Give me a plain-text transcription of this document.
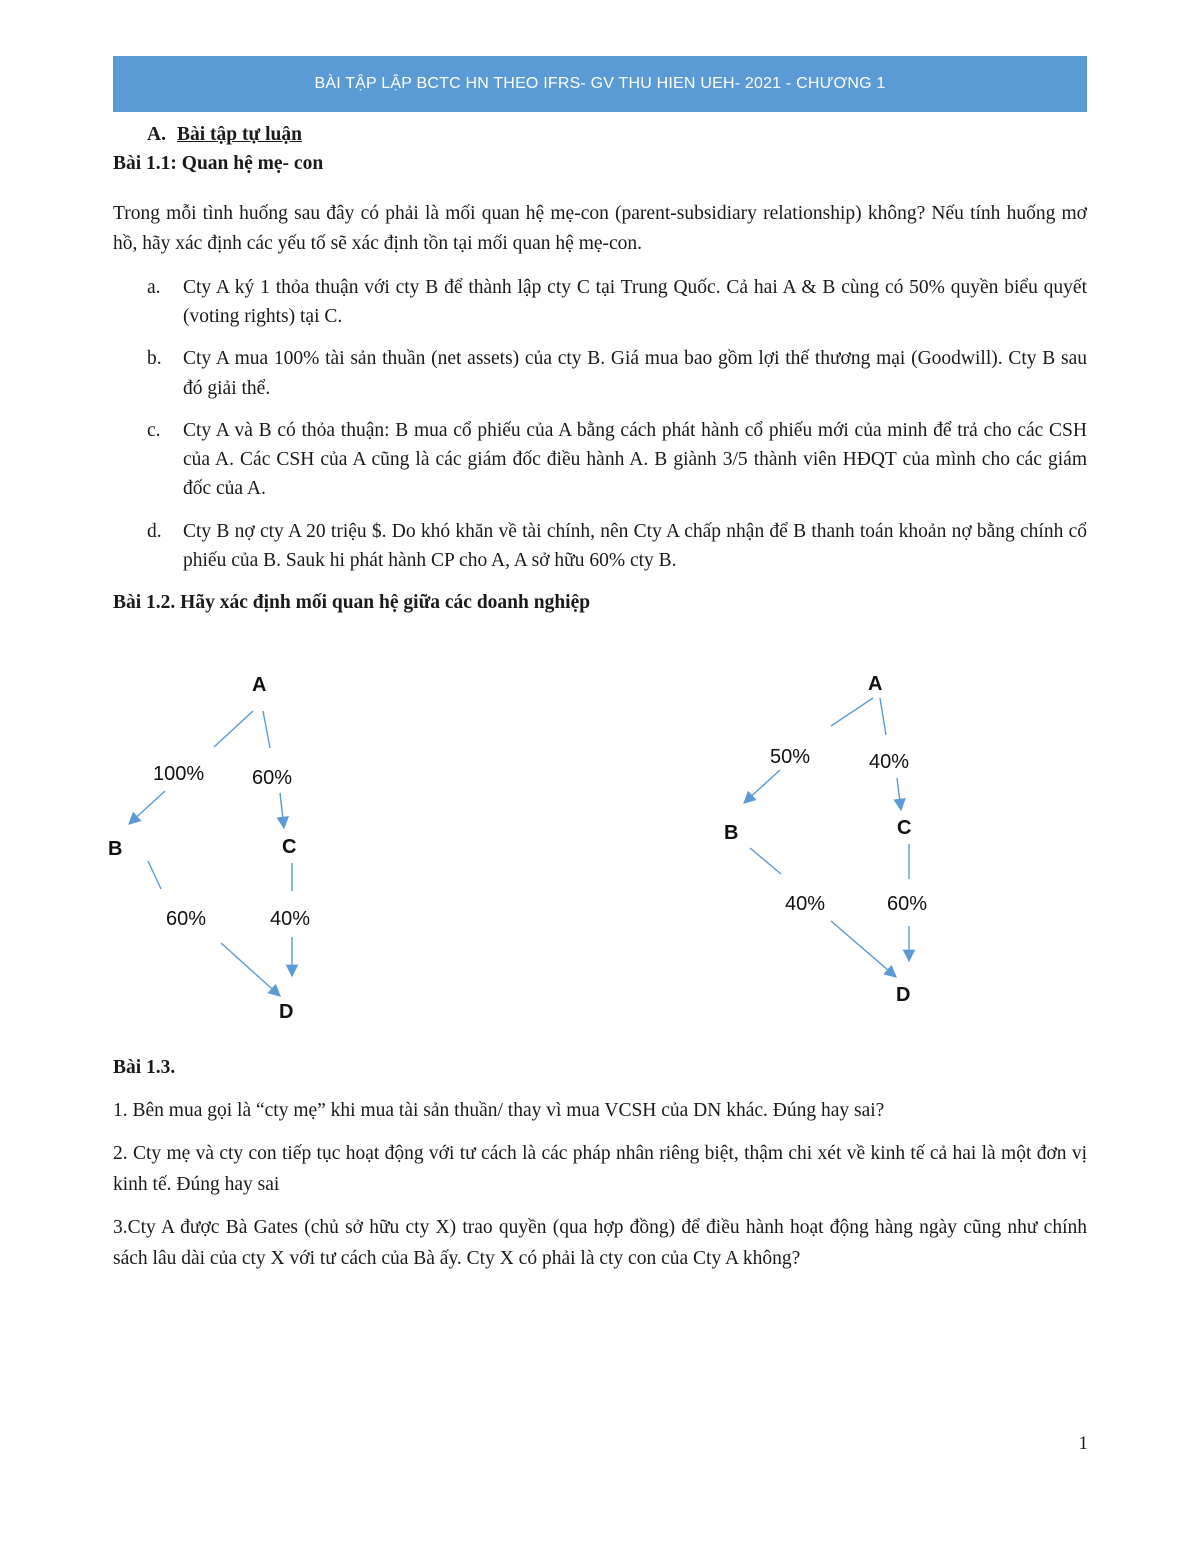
BÀI TẬP LẬP BCTC HN THEO IFRS- GV THU HIEN UEH- 2021 - CHƯƠNG 1

A. Bài tập tự luận

Bài 1.1: Quan hệ mẹ- con

Trong mỗi tình huống sau đây có phải là mối quan hệ mẹ-con (parent-subsidiary relationship) không? Nếu tính huống mơ hồ, hãy xác định các yếu tố sẽ xác định tồn tại mối quan hệ mẹ-con.

a. Cty A ký 1 thỏa thuận với cty B để thành lập cty C tại Trung Quốc. Cả hai A & B cùng có 50% quyền biểu quyết (voting rights) tại C.
b. Cty A mua 100% tài sản thuần (net assets) của cty B. Giá mua bao gồm lợi thế thương mại (Goodwill). Cty B sau đó giải thể.
c. Cty A và B có thỏa thuận: B mua cổ phiếu của A bằng cách phát hành cổ phiếu mới của minh để trả cho các CSH của A. Các CSH của A cũng là các giám đốc điều hành A. B giành 3/5 thành viên HĐQT của mình cho các giám đốc của A.
d. Cty B nợ cty A 20 triệu $. Do khó khăn về tài chính, nên Cty A chấp nhận để B thanh toán khoản nợ bằng chính cổ phiếu của B. Sauk hi phát hành CP cho A, A sở hữu 60% cty B.

Bài 1.2. Hãy xác định mối quan hệ giữa các doanh nghiệp

A
B	C
D
100% 60%
60%	40%
A
B	C
D
50%	40%
40%	60%

Bài 1.3.

1. Bên mua gọi là “cty mẹ” khi mua tài sản thuần/ thay vì mua VCSH của DN khác. Đúng hay sai?

2. Cty mẹ và cty con tiếp tục hoạt động với tư cách là các pháp nhân riêng biệt, thậm chi xét về kinh tế cả hai là một đơn vị kinh tế. Đúng hay sai

3.Cty A được Bà Gates (chủ sở hữu cty X) trao quyền (qua hợp đồng) để điều hành hoạt động hàng ngày cũng như chính sách lâu dài của cty X với tư cách của Bà ấy. Cty X có phải là cty con của Cty A không?

1
